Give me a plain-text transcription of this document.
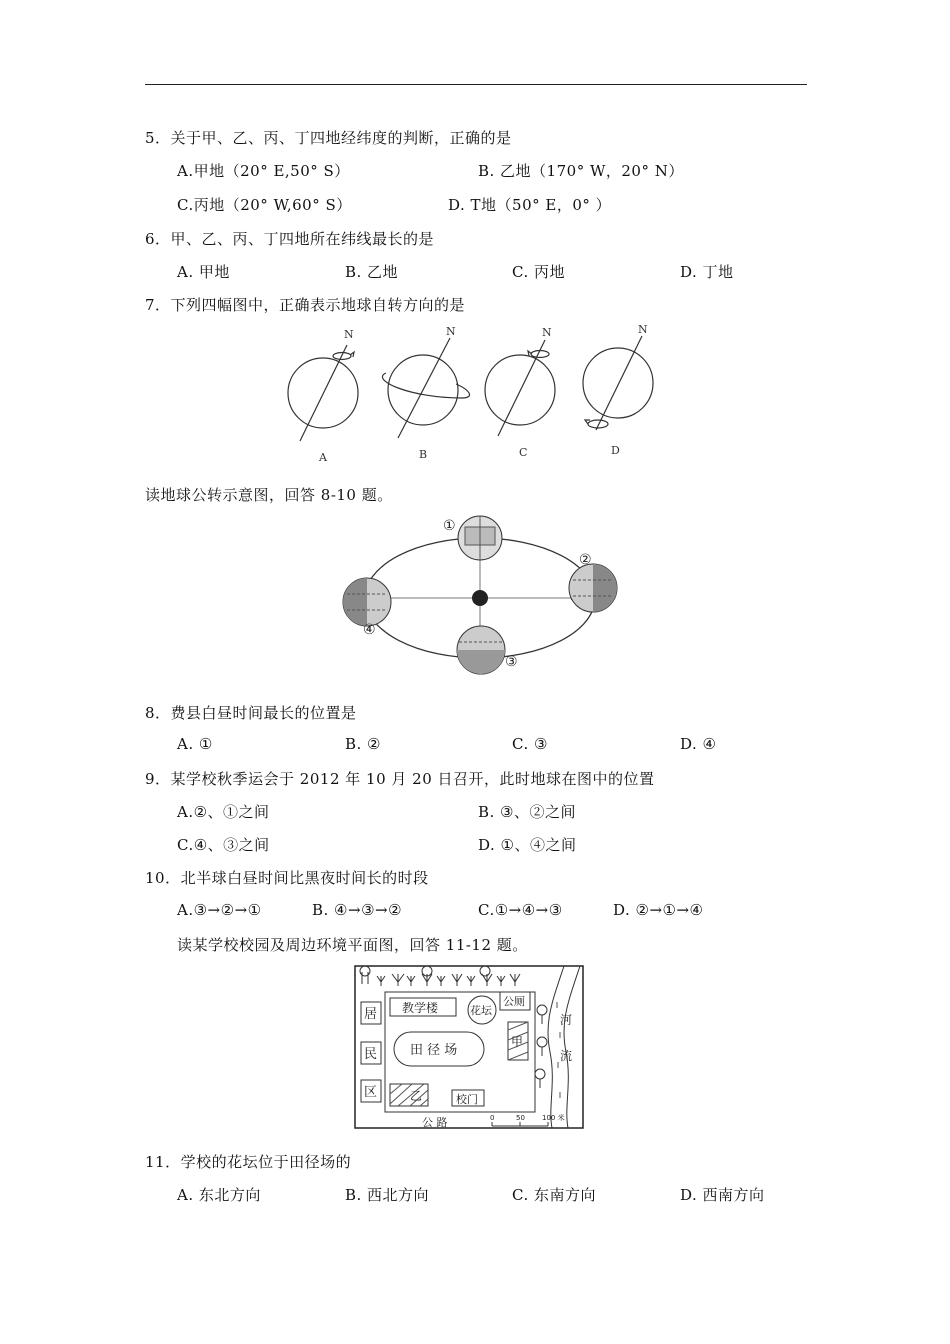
5．关于甲、乙、丙、丁四地经纬度的判断，正确的是
A.甲地（20° E,50° S）	B. 乙地（170° W，20° N）
C.丙地（20° W,60° S）	D. T地（50° E，0° ）
6．甲、乙、丙、丁四地所在纬线最长的是
A. 甲地	B. 乙地	C. 丙地	D. 丁地
7．下列四幅图中，正确表示地球自转方向的是
N	N	N	N
A	B	C	D
读地球公转示意图，回答 8-10 题。
①
②
③
④
8．费县白昼时间最长的位置是
A. ①	B. ②	C. ③	D. ④
9．某学校秋季运会于 2012 年 10 月 20 日召开，此时地球在图中的位置
A.②、①之间	B. ③、②之间
C.④、③之间	D. ①、④之间
10．北半球白昼时间比黑夜时间长的时段
A.③→②→①	B. ④→③→②	C.①→④→③	D. ②→①→④
读某学校校园及周边环境平面图，回答 11-12 题。
居
民
区
教学楼	花坛
公厕
田 径 场
甲
乙	校门
公 路
河
流
0	50 100 米
11．学校的花坛位于田径场的
A. 东北方向	B. 西北方向	C. 东南方向	D. 西南方向
